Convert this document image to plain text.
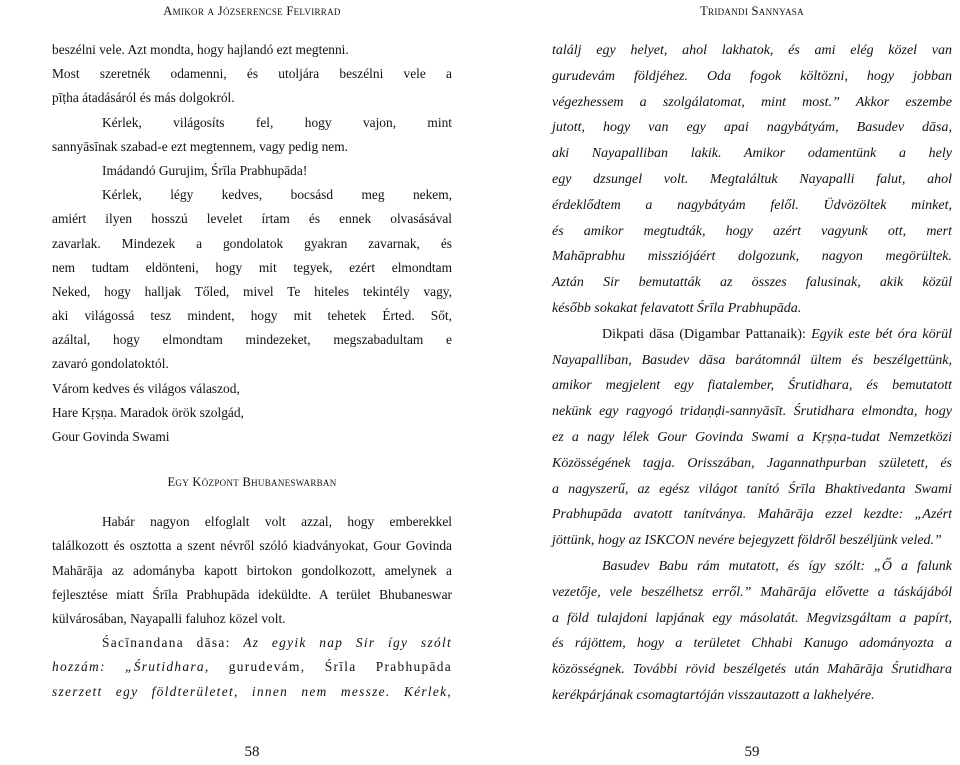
Amikor a Józserencse Felvirrad
beszélni vele. Azt mondta, hogy hajlandó ezt megtenni.
Most szeretnék odamenni, és utoljára beszélni vele a
pīṭha átadásáról és más dolgokról.
Kérlek, világosíts fel, hogy vajon, mint
sannyāsīnak szabad-e ezt megtennem, vagy pedig nem.
Imádandó Gurujim, Śrīla Prabhupāda!
Kérlek, légy kedves, bocsásd meg nekem,
amiért ilyen hosszú levelet írtam és ennek olvasásával
zavarlak. Mindezek a gondolatok gyakran zavarnak, és
nem tudtam eldönteni, hogy mit tegyek, ezért elmondtam
Neked, hogy halljak Tőled, mivel Te hiteles tekintély vagy,
aki világossá tesz mindent, hogy mit tehetek Érted. Sőt,
azáltal, hogy elmondtam mindezeket, megszabadultam e
zavaró gondolatoktól.
Várom kedves és világos válaszod,
Hare Kṛṣṇa. Maradok örök szolgád,
Gour Govinda Swami
Egy Központ Bhubaneswarban
Habár nagyon elfoglalt volt azzal, hogy emberekkel
találkozott és osztotta a szent névről szóló kiadványokat, Gour Govinda
Mahārāja az adományba kapott birtokon gondolkozott, amelynek a
fejlesztése miatt Śrīla Prabhupāda ideküldte. A terület Bhubaneswar
külvárosában, Nayapalli faluhoz közel volt.
Śacīnandana dāsa: Az egyik nap Sir így szólt
hozzám: „Śrutidhara, gurudevám, Śrīla Prabhupāda
szerzett egy földterületet, innen nem messze. Kérlek,
58
Tridandi Sannyasa
találj egy helyet, ahol lakhatok, és ami elég közel van
gurudevám földjéhez. Oda fogok költözni, hogy jobban
végezhessem a szolgálatomat, mint most.” Akkor eszembe
jutott, hogy van egy apai nagybátyám, Basudev dāsa,
aki Nayapalliban lakik. Amikor odamentünk a hely
egy dzsungel volt. Megtaláltuk Nayapalli falut, ahol
érdeklődtem a nagybátyám felől. Üdvözöltek minket,
és amikor megtudták, hogy azért vagyunk ott, mert
Mahāprabhu missziójáért dolgozunk, nagyon megörültek.
Aztán Sir bemutatták az összes falusinak, akik közül
később sokakat felavatott Śrīla Prabhupāda.
Dikpati dāsa (Digambar Pattanaik): Egyik este bét óra körül
Nayapalliban, Basudev dāsa barátomnál ültem és beszélgettünk,
amikor megjelent egy fiatalember, Śrutidhara, és bemutatott
nekünk egy ragyogó tridaṇḍi-sannyāsīt. Śrutidhara elmondta, hogy
ez a nagy lélek Gour Govinda Swami a Kṛṣṇa-tudat Nemzetközi
Közösségének tagja. Orisszában, Jagannathpurban született, és
a nagyszerű, az egész világot tanító Śrīla Bhaktivedanta Swami
Prabhupāda avatott tanítványa. Mahārāja ezzel kezdte: „Azért
jöttünk, hogy az ISKCON nevére bejegyzett földről beszéljünk veled.”
Basudev Babu rám mutatott, és így szólt: „Ő a falunk
vezetője, vele beszélhetsz erről.” Mahārāja elővette a táskájából
a föld tulajdoni lapjának egy másolatát. Megvizsgáltam a papírt,
és rájöttem, hogy a területet Chhabi Kanugo adományozta a
közösségnek. További rövid beszélgetés után Mahārāja Śrutidhara
kerékpárjának csomagtartóján visszautazott a lakhelyére.
59
